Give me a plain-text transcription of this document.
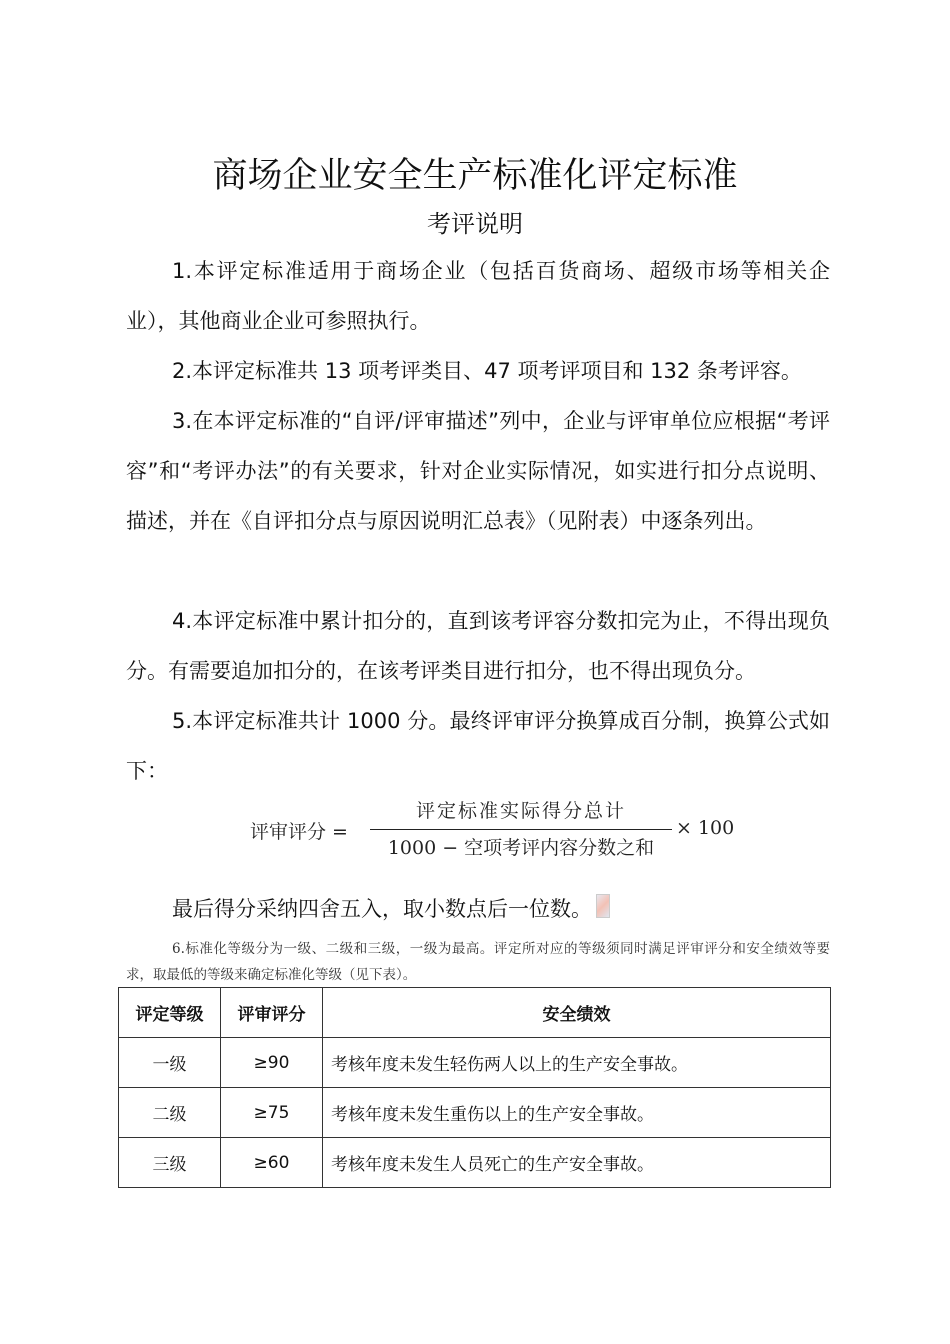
商场企业安全生产标准化评定标准
考评说明
1.本评定标准适用于商场企业（包括百货商场、超级市场等相关企业），其他商业企业可参照执行。
2.本评定标准共 13 项考评类目、47 项考评项目和 132 条考评容。
3.在本评定标准的“自评/评审描述”列中，企业与评审单位应根据“考评容”和“考评办法”的有关要求，针对企业实际情况，如实进行扣分点说明、描述，并在《自评扣分点与原因说明汇总表》（见附表）中逐条列出。
4.本评定标准中累计扣分的，直到该考评容分数扣完为止，不得出现负分。有需要追加扣分的，在该考评类目进行扣分，也不得出现负分。
5.本评定标准共计 1000 分。最终评审评分换算成百分制，换算公式如下：
评审评分 =
评定标准实际得分总计
1000 − 空项考评内容分数之和
× 100
最后得分采纳四舍五入，取小数点后一位数。
6.标准化等级分为一级、二级和三级，一级为最高。评定所对应的等级须同时满足评审评分和安全绩效等要求，取最低的等级来确定标准化等级（见下表）。
评定等级	评审评分	安全绩效
一级	≥90	考核年度未发生轻伤两人以上的生产安全事故。
二级	≥75	考核年度未发生重伤以上的生产安全事故。
三级	≥60	考核年度未发生人员死亡的生产安全事故。
